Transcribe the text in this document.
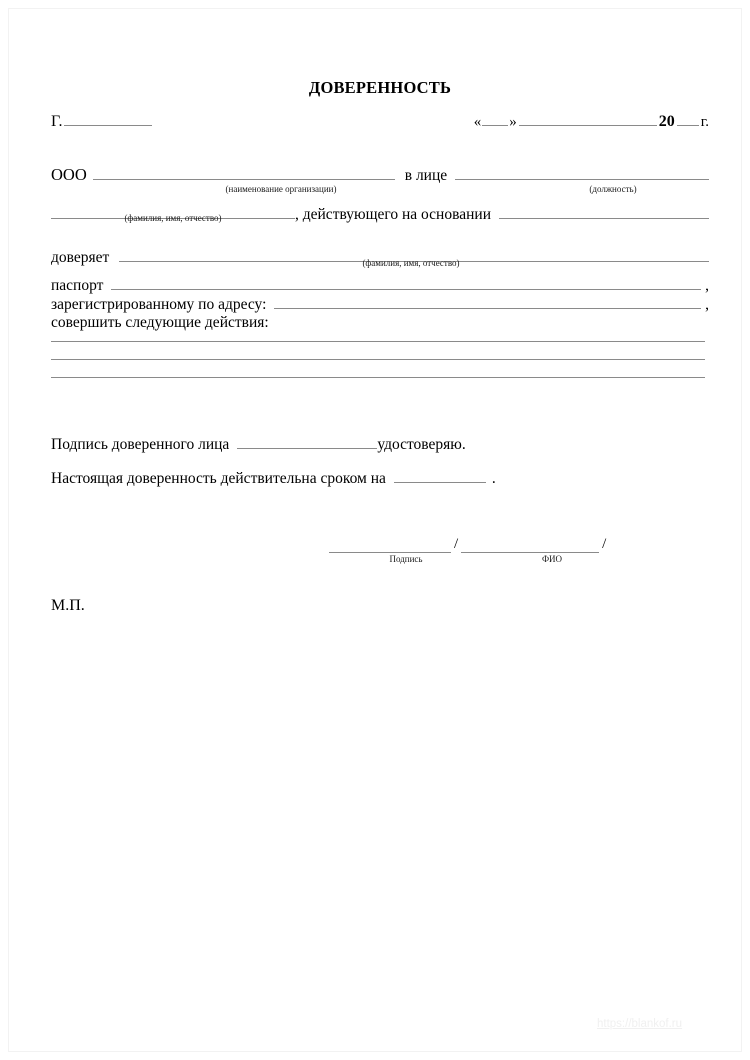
ДОВЕРЕННОСТЬ
Г.	« »	20 г.
ООО	в лице
(наименование организации)	(должность)
, действующего на основании
(фамилия, имя, отчество)
доверяет	(фамилия, имя, отчество)
паспорт	,
зарегистрированному по адресу:	,
совершить следующие действия:
Подпись доверенного лица	удостоверяю.
Настоящая доверенность действительна сроком на	.
/	/
Подпись	ФИО
М.П.
https://blankof.ru
